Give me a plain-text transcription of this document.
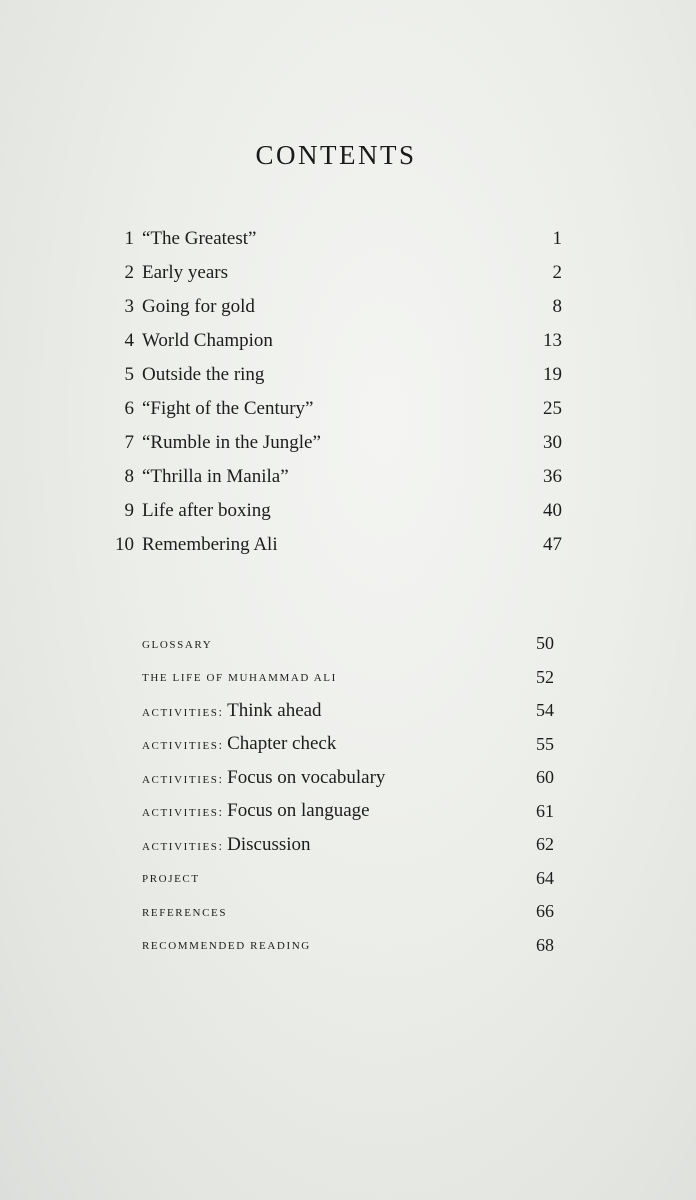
CONTENTS
1 “The Greatest”	1
2 Early years	2
3 Going for gold	8
4 World Champion	13
5 Outside the ring	19
6 “Fight of the Century”	25
7 “Rumble in the Jungle”	30
8 “Thrilla in Manila”	36
9 Life after boxing	40
10 Remembering Ali	47
GLOSSARY	50
THE LIFE OF MUHAMMAD ALI	52
ACTIVITIES: Think ahead	54
ACTIVITIES: Chapter check	55
ACTIVITIES: Focus on vocabulary	60
ACTIVITIES: Focus on language	61
ACTIVITIES: Discussion	62
PROJECT	64
REFERENCES	66
RECOMMENDED READING	68
